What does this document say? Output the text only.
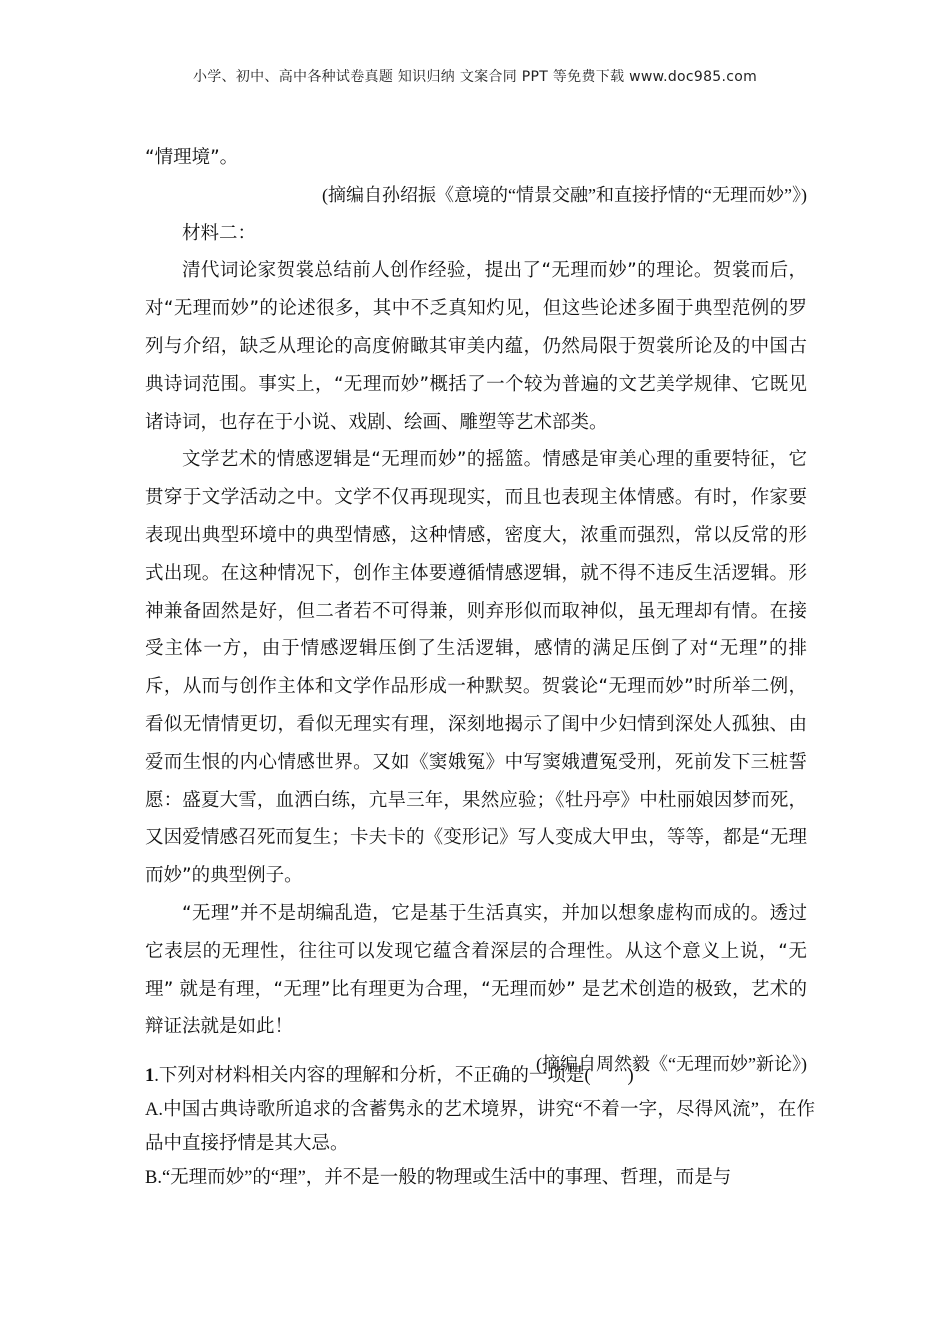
小学、初中、高中各种试卷真题 知识归纳 文案合同 PPT 等免费下载 www.doc985.com

“情理境”。

(摘编自孙绍振《意境的“情景交融”和直接抒情的“无理而妙”》)

材料二：

清代词论家贺裳总结前人创作经验，提出了“无理而妙”的理论。贺裳而后，对“无理而妙”的论述很多，其中不乏真知灼见，但这些论述多囿于典型范例的罗列与介绍，缺乏从理论的高度俯瞰其审美内蕴，仍然局限于贺裳所论及的中国古典诗词范围。事实上，“无理而妙”概括了一个较为普遍的文艺美学规律、它既见诸诗词，也存在于小说、戏剧、绘画、雕塑等艺术部类。

文学艺术的情感逻辑是“无理而妙”的摇篮。情感是审美心理的重要特征，它贯穿于文学活动之中。文学不仅再现现实，而且也表现主体情感。有时，作家要表现出典型环境中的典型情感，这种情感，密度大，浓重而强烈，常以反常的形式出现。在这种情况下，创作主体要遵循情感逻辑，就不得不违反生活逻辑。形神兼备固然是好，但二者若不可得兼，则弃形似而取神似，虽无理却有情。在接受主体一方，由于情感逻辑压倒了生活逻辑，感情的满足压倒了对“无理”的排斥，从而与创作主体和文学作品形成一种默契。贺裳论“无理而妙”时所举二例，看似无情情更切，看似无理实有理，深刻地揭示了闺中少妇情到深处人孤独、由爱而生恨的内心情感世界。又如《窦娥冤》中写窦娥遭冤受刑，死前发下三桩誓愿：盛夏大雪，血洒白练，亢旱三年，果然应验；《牡丹亭》中杜丽娘因梦而死，又因爱情感召死而复生；卡夫卡的《变形记》写人变成大甲虫，等等，都是“无理而妙”的典型例子。

“无理”并不是胡编乱造，它是基于生活真实，并加以想象虚构而成的。透过它表层的无理性，往往可以发现它蕴含着深层的合理性。从这个意义上说，“无理” 就是有理，“无理”比有理更为合理，“无理而妙” 是艺术创造的极致，艺术的辩证法就是如此！

(摘编自周然毅《“无理而妙”新论》)

1.下列对材料相关内容的理解和分析，不正确的一项是(　　)

A.中国古典诗歌所追求的含蓄隽永的艺术境界，讲究“不着一字，尽得风流”，在作品中直接抒情是其大忌。

B.“无理而妙”的“理”，并不是一般的物理或生活中的事理、哲理，而是与
